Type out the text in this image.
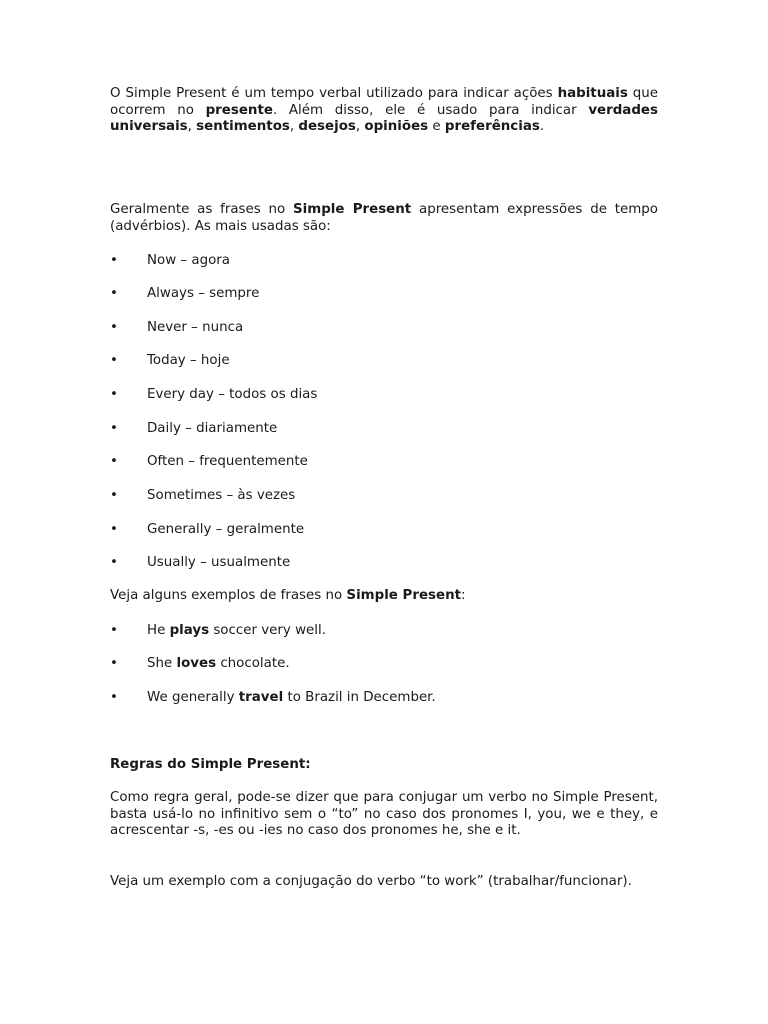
O Simple Present é um tempo verbal utilizado para indicar ações habituais que ocorrem no presente. Além disso, ele é usado para indicar verdades universais, sentimentos, desejos, opiniões e preferências.

Geralmente as frases no Simple Present apresentam expressões de tempo (advérbios). As mais usadas são:

• Now – agora
• Always – sempre
• Never – nunca
• Today – hoje
• Every day – todos os dias
• Daily – diariamente
• Often – frequentemente
• Sometimes – às vezes
• Generally – geralmente
• Usually – usualmente

Veja alguns exemplos de frases no Simple Present:

• He plays soccer very well.
• She loves chocolate.
• We generally travel to Brazil in December.

Regras do Simple Present:

Como regra geral, pode-se dizer que para conjugar um verbo no Simple Present, basta usá-lo no infinitivo sem o “to” no caso dos pronomes I, you, we e they, e acrescentar -s, -es ou -ies no caso dos pronomes he, she e it.

Veja um exemplo com a conjugação do verbo “to work” (trabalhar/funcionar).
